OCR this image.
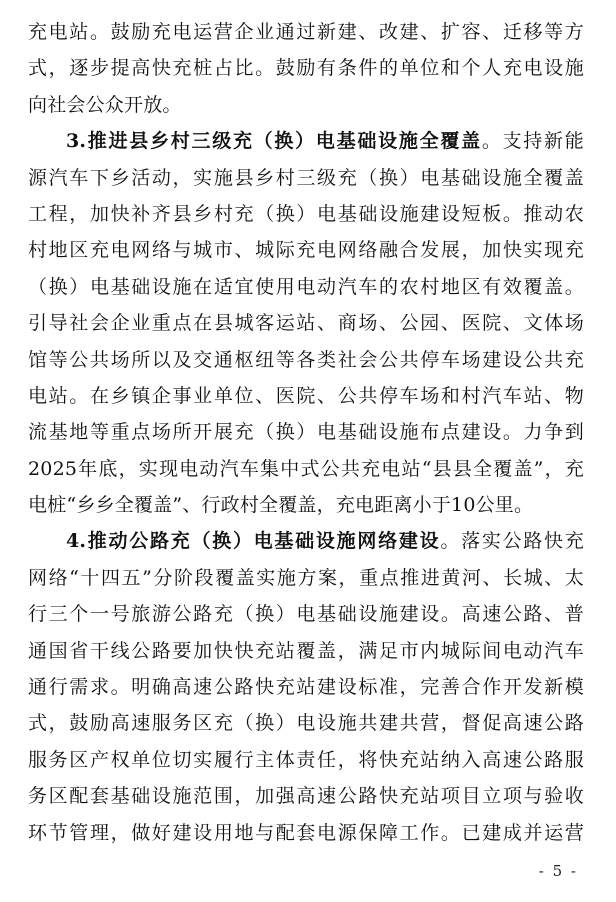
充电站。鼓励充电运营企业通过新建、改建、扩容、迁移等方
式，逐步提高快充桩占比。鼓励有条件的单位和个人充电设施
向社会公众开放。
3.推进县乡村三级充（换）电基础设施全覆盖。支持新能
源汽车下乡活动，实施县乡村三级充（换）电基础设施全覆盖
工程，加快补齐县乡村充（换）电基础设施建设短板。推动农
村地区充电网络与城市、城际充电网络融合发展，加快实现充
（换）电基础设施在适宜使用电动汽车的农村地区有效覆盖。
引导社会企业重点在县城客运站、商场、公园、医院、文体场
馆等公共场所以及交通枢纽等各类社会公共停车场建设公共充
电站。在乡镇企事业单位、医院、公共停车场和村汽车站、物
流基地等重点场所开展充（换）电基础设施布点建设。力争到
2025年底，实现电动汽车集中式公共充电站“县县全覆盖”，充
电桩“乡乡全覆盖”、行政村全覆盖，充电距离小于10公里。
4.推动公路充（换）电基础设施网络建设。落实公路快充
网络“十四五”分阶段覆盖实施方案，重点推进黄河、长城、太
行三个一号旅游公路充（换）电基础设施建设。高速公路、普
通国省干线公路要加快快充站覆盖，满足市内城际间电动汽车
通行需求。明确高速公路快充站建设标准，完善合作开发新模
式，鼓励高速服务区充（换）电设施共建共营，督促高速公路
服务区产权单位切实履行主体责任，将快充站纳入高速公路服
务区配套基础设施范围，加强高速公路快充站项目立项与验收
环节管理，做好建设用地与配套电源保障工作。已建成并运营
- 5 -
